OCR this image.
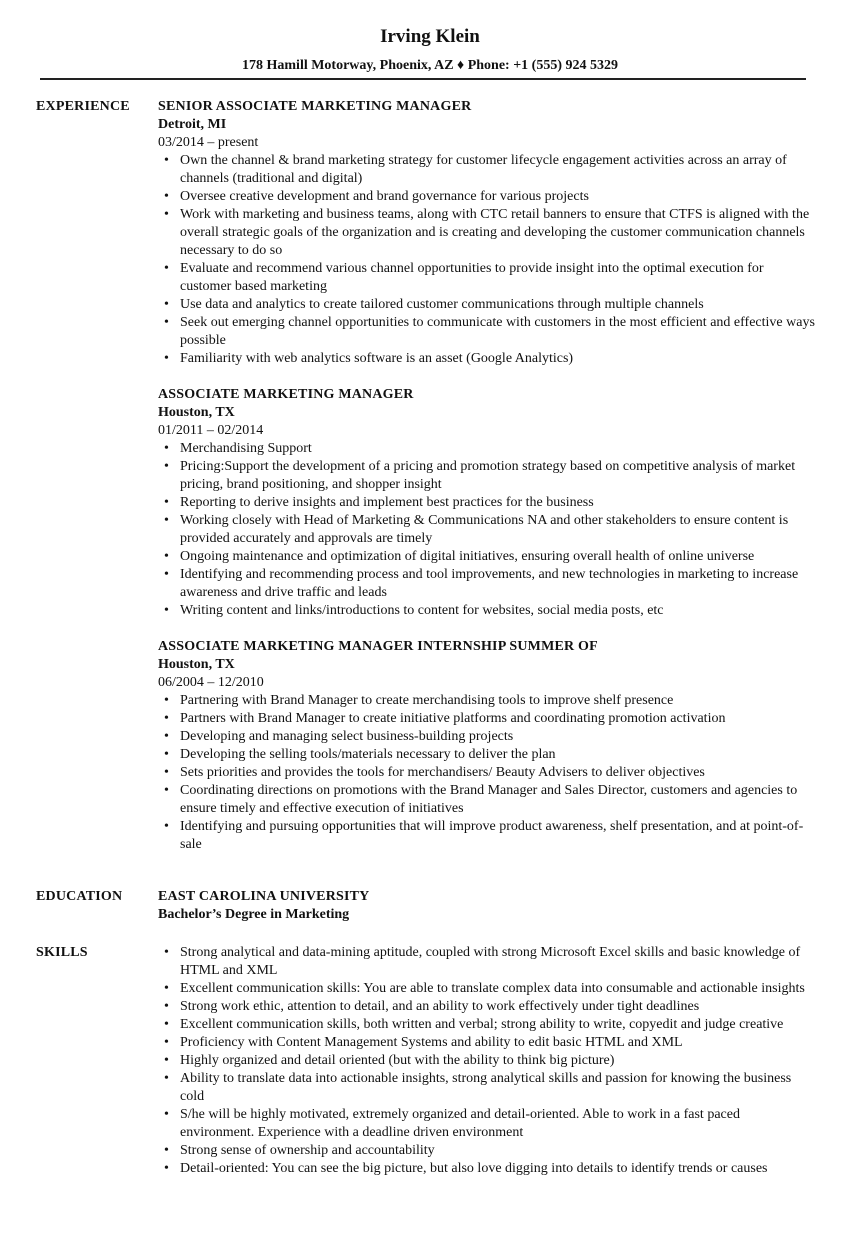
Irving Klein
178 Hamill Motorway, Phoenix, AZ ♦ Phone: +1 (555) 924 5329
EXPERIENCE SENIOR ASSOCIATE MARKETING MANAGER
Detroit, MI
03/2014 – present
• Own the channel & brand marketing strategy for customer lifecycle engagement activities across an array of channels (traditional and digital)
• Oversee creative development and brand governance for various projects
• Work with marketing and business teams, along with CTC retail banners to ensure that CTFS is aligned with the overall strategic goals of the organization and is creating and developing the customer communication channels necessary to do so
• Evaluate and recommend various channel opportunities to provide insight into the optimal execution for customer based marketing
• Use data and analytics to create tailored customer communications through multiple channels
• Seek out emerging channel opportunities to communicate with customers in the most efficient and effective ways possible
• Familiarity with web analytics software is an asset (Google Analytics)
ASSOCIATE MARKETING MANAGER
Houston, TX
01/2011 – 02/2014
• Merchandising Support
• Pricing:Support the development of a pricing and promotion strategy based on competitive analysis of market pricing, brand positioning, and shopper insight
• Reporting to derive insights and implement best practices for the business
• Working closely with Head of Marketing & Communications NA and other stakeholders to ensure content is provided accurately and approvals are timely
• Ongoing maintenance and optimization of digital initiatives, ensuring overall health of online universe
• Identifying and recommending process and tool improvements, and new technologies in marketing to increase awareness and drive traffic and leads
• Writing content and links/introductions to content for websites, social media posts, etc
ASSOCIATE MARKETING MANAGER INTERNSHIP SUMMER OF
Houston, TX
06/2004 – 12/2010
• Partnering with Brand Manager to create merchandising tools to improve shelf presence
• Partners with Brand Manager to create initiative platforms and coordinating promotion activation
• Developing and managing select business-building projects
• Developing the selling tools/materials necessary to deliver the plan
• Sets priorities and provides the tools for merchandisers/ Beauty Advisers to deliver objectives
• Coordinating directions on promotions with the Brand Manager and Sales Director, customers and agencies to ensure timely and effective execution of initiatives
• Identifying and pursuing opportunities that will improve product awareness, shelf presentation, and at point-of-sale
EDUCATION	EAST CAROLINA UNIVERSITY
Bachelor’s Degree in Marketing
SKILLS
•	Strong analytical and data-mining aptitude, coupled with strong Microsoft Excel skills and basic knowledge of HTML and XML
• Excellent communication skills: You are able to translate complex data into consumable and actionable insights
• Strong work ethic, attention to detail, and an ability to work effectively under tight deadlines
• Excellent communication skills, both written and verbal; strong ability to write, copyedit and judge creative
• Proficiency with Content Management Systems and ability to edit basic HTML and XML
• Highly organized and detail oriented (but with the ability to think big picture)
• Ability to translate data into actionable insights, strong analytical skills and passion for knowing the business cold
• S/he will be highly motivated, extremely organized and detail-oriented. Able to work in a fast paced environment. Experience with a deadline driven environment
• Strong sense of ownership and accountability
• Detail-oriented: You can see the big picture, but also love digging into details to identify trends or causes
